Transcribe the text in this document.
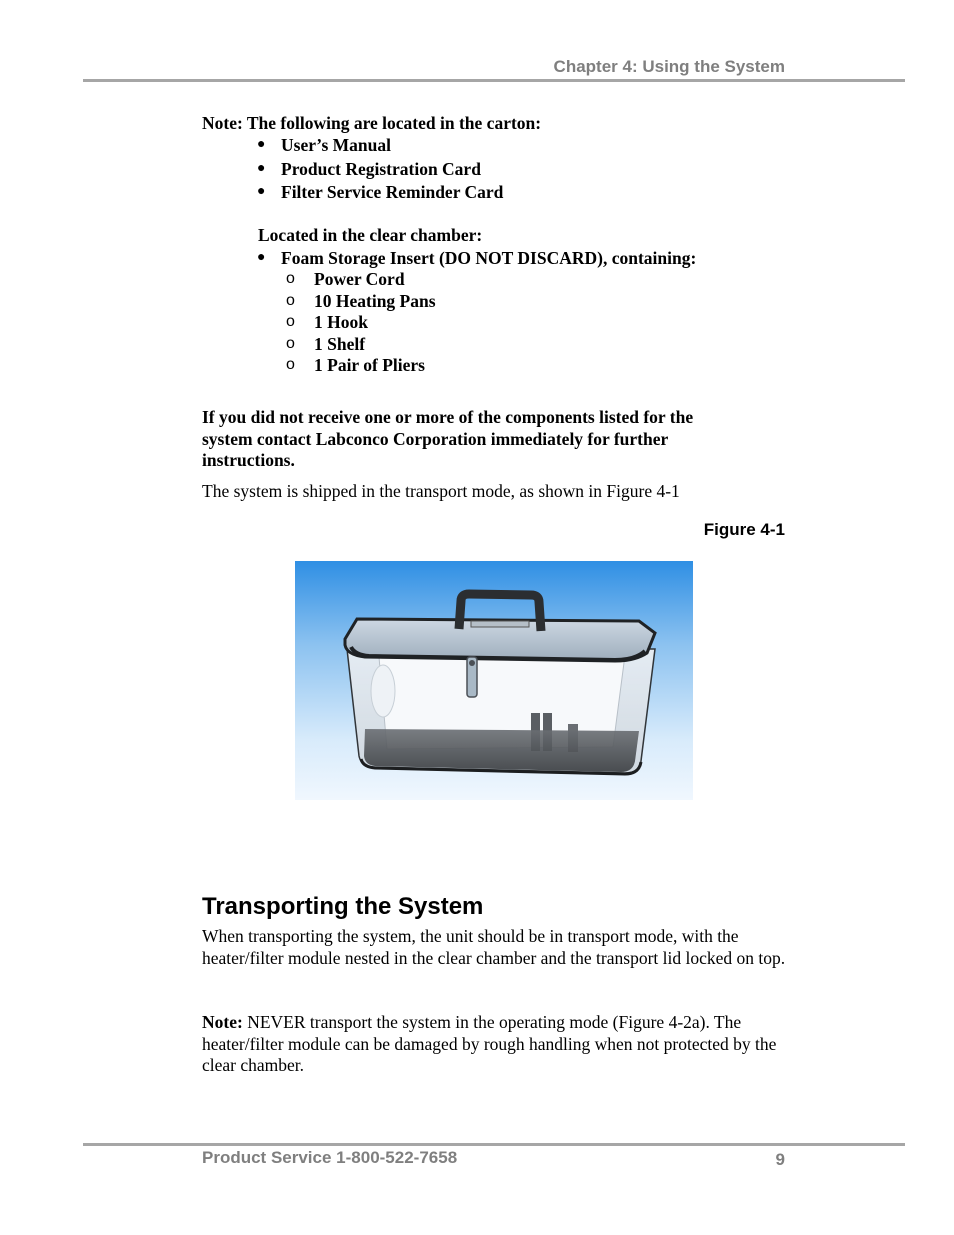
Chapter 4: Using the System
Note: The following are located in the carton:
● User’s Manual
● Product Registration Card
● Filter Service Reminder Card
Located in the clear chamber:
● Foam Storage Insert (DO NOT DISCARD), containing:
o Power Cord
o 10 Heating Pans
o 1 Hook
o 1 Shelf
o 1 Pair of Pliers
If you did not receive one or more of the components listed for the system contact Labconco Corporation immediately for further instructions.
The system is shipped in the transport mode, as shown in Figure 4-1
Figure 4-1
Transporting the System
When transporting the system, the unit should be in transport mode, with the heater/filter module nested in the clear chamber and the transport lid locked on top.
Note: NEVER transport the system in the operating mode (Figure 4-2a). The heater/filter module can be damaged by rough handling when not protected by the clear chamber.
Product Service 1-800-522-7658	9
